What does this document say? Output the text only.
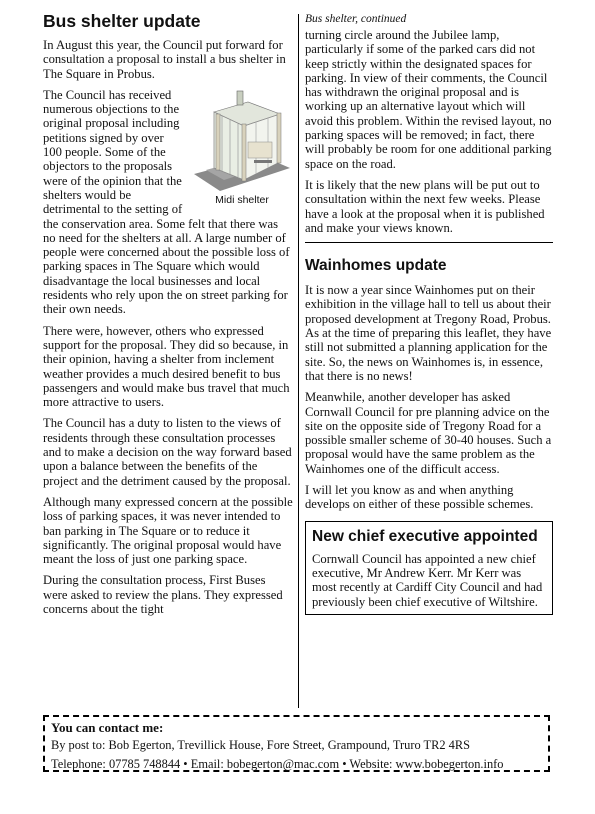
Bus shelter update

In August this year, the Council put forward for consultation a proposal to install a bus shelter in The Square in Probus.

Midi shelter

The Council has received numerous objections to the original proposal including petitions signed by over 100 people. Some of the objectors to the proposals were of the opinion that the shelters would be detrimental to the setting of the conservation area. Some felt that there was no need for the shelters at all. A large number of people were concerned about the possible loss of parking spaces in The Square which would disadvantage the local businesses and local residents who rely upon the on street parking for their own needs.

There were, however, others who expressed support for the proposal. They did so because, in their opinion, having a shelter from inclement weather provides a much desired benefit to bus passengers and would make bus travel that much more attractive to users.

The Council has a duty to listen to the views of residents through these consultation processes and to make a decision on the way forward based upon a balance between the benefits of the project and the detriment caused by the proposal.

Although many expressed concern at the possible loss of parking spaces, it was never intended to ban parking in The Square or to reduce it significantly. The original proposal would have meant the loss of just one parking space.

During the consultation process, First Buses were asked to review the plans. They expressed concerns about the tight

Bus shelter, continued

turning circle around the Jubilee lamp, particularly if some of the parked cars did not keep strictly within the designated spaces for parking. In view of their comments, the Council has withdrawn the original proposal and is working up an alternative layout which will avoid this problem. Within the revised layout, no parking spaces will be removed; in fact, there will probably be room for one additional parking space on the road.

It is likely that the new plans will be put out to consultation within the next few weeks. Please have a look at the proposal when it is published and make your views known.

Wainhomes update

It is now a year since Wainhomes put on their exhibition in the village hall to tell us about their proposed development at Tregony Road, Probus. As at the time of preparing this leaflet, they have still not submitted a planning application for the site. So, the news on Wainhomes is, in essence, that there is no news!

Meanwhile, another developer has asked Cornwall Council for pre planning advice on the site on the opposite side of Tregony Road for a possible smaller scheme of 30-40 houses. Such a proposal would have the same problem as the Wainhomes one of the difficult access.

I will let you know as and when anything develops on either of these possible schemes.

New chief executive appointed

Cornwall Council has appointed a new chief executive, Mr Andrew Kerr. Mr Kerr was most recently at Cardiff City Council and had previously been chief executive of Wiltshire.

You can contact me:
By post to: Bob Egerton, Trevillick House, Fore Street, Grampound, Truro TR2 4RS
Telephone: 07785 748844 • Email: bobegerton@mac.com • Website: www.bobegerton.info
